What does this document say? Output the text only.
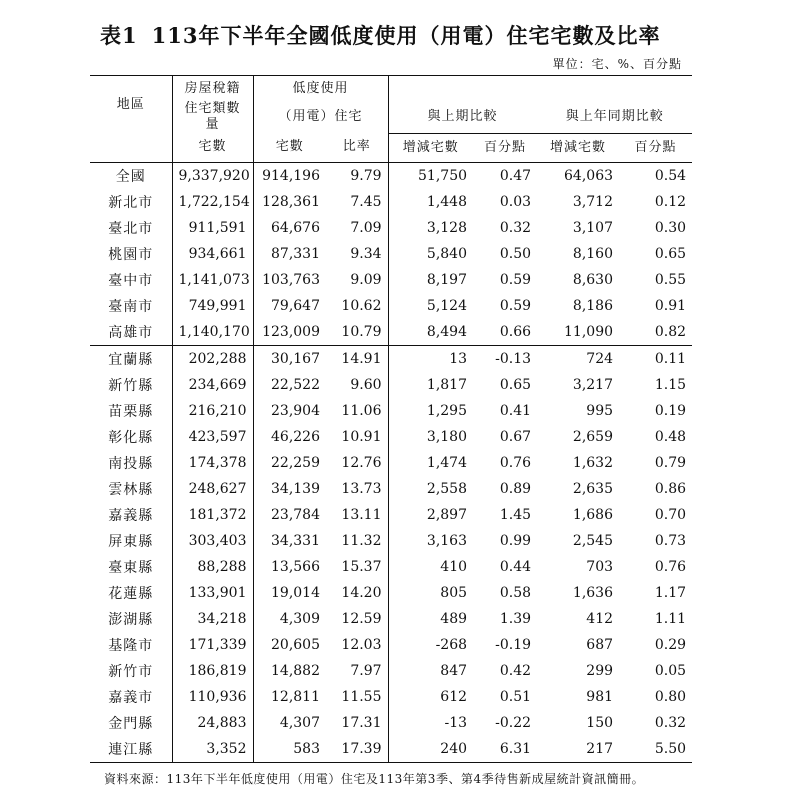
表1 113年下半年全國低度使用（用電）住宅宅數及比率
單位：宅、%、百分點
地區	房屋稅籍	低度使用					
	住宅類數量	（用電）住宅		與上期比較		與上年同期比較	
	宅數	宅數	比率	增減宅數	百分點	增減宅數	百分點
全國	9,337,920	914,196	9.79	51,750	0.47	64,063	0.54
新北市	1,722,154	128,361	7.45	1,448	0.03	3,712	0.12
臺北市	911,591	64,676	7.09	3,128	0.32	3,107	0.30
桃園市	934,661	87,331	9.34	5,840	0.50	8,160	0.65
臺中市	1,141,073	103,763	9.09	8,197	0.59	8,630	0.55
臺南市	749,991	79,647	10.62	5,124	0.59	8,186	0.91
高雄市	1,140,170	123,009	10.79	8,494	0.66	11,090	0.82
宜蘭縣	202,288	30,167	14.91	13	-0.13	724	0.11
新竹縣	234,669	22,522	9.60	1,817	0.65	3,217	1.15
苗栗縣	216,210	23,904	11.06	1,295	0.41	995	0.19
彰化縣	423,597	46,226	10.91	3,180	0.67	2,659	0.48
南投縣	174,378	22,259	12.76	1,474	0.76	1,632	0.79
雲林縣	248,627	34,139	13.73	2,558	0.89	2,635	0.86
嘉義縣	181,372	23,784	13.11	2,897	1.45	1,686	0.70
屏東縣	303,403	34,331	11.32	3,163	0.99	2,545	0.73
臺東縣	88,288	13,566	15.37	410	0.44	703	0.76
花蓮縣	133,901	19,014	14.20	805	0.58	1,636	1.17
澎湖縣	34,218	4,309	12.59	489	1.39	412	1.11
基隆市	171,339	20,605	12.03	-268	-0.19	687	0.29
新竹市	186,819	14,882	7.97	847	0.42	299	0.05
嘉義市	110,936	12,811	11.55	612	0.51	981	0.80
金門縣	24,883	4,307	17.31	-13	-0.22	150	0.32
連江縣	3,352	583	17.39	240	6.31	217	5.50
資料來源：113年下半年低度使用（用電）住宅及113年第3季、第4季待售新成屋統計資訊簡冊。
